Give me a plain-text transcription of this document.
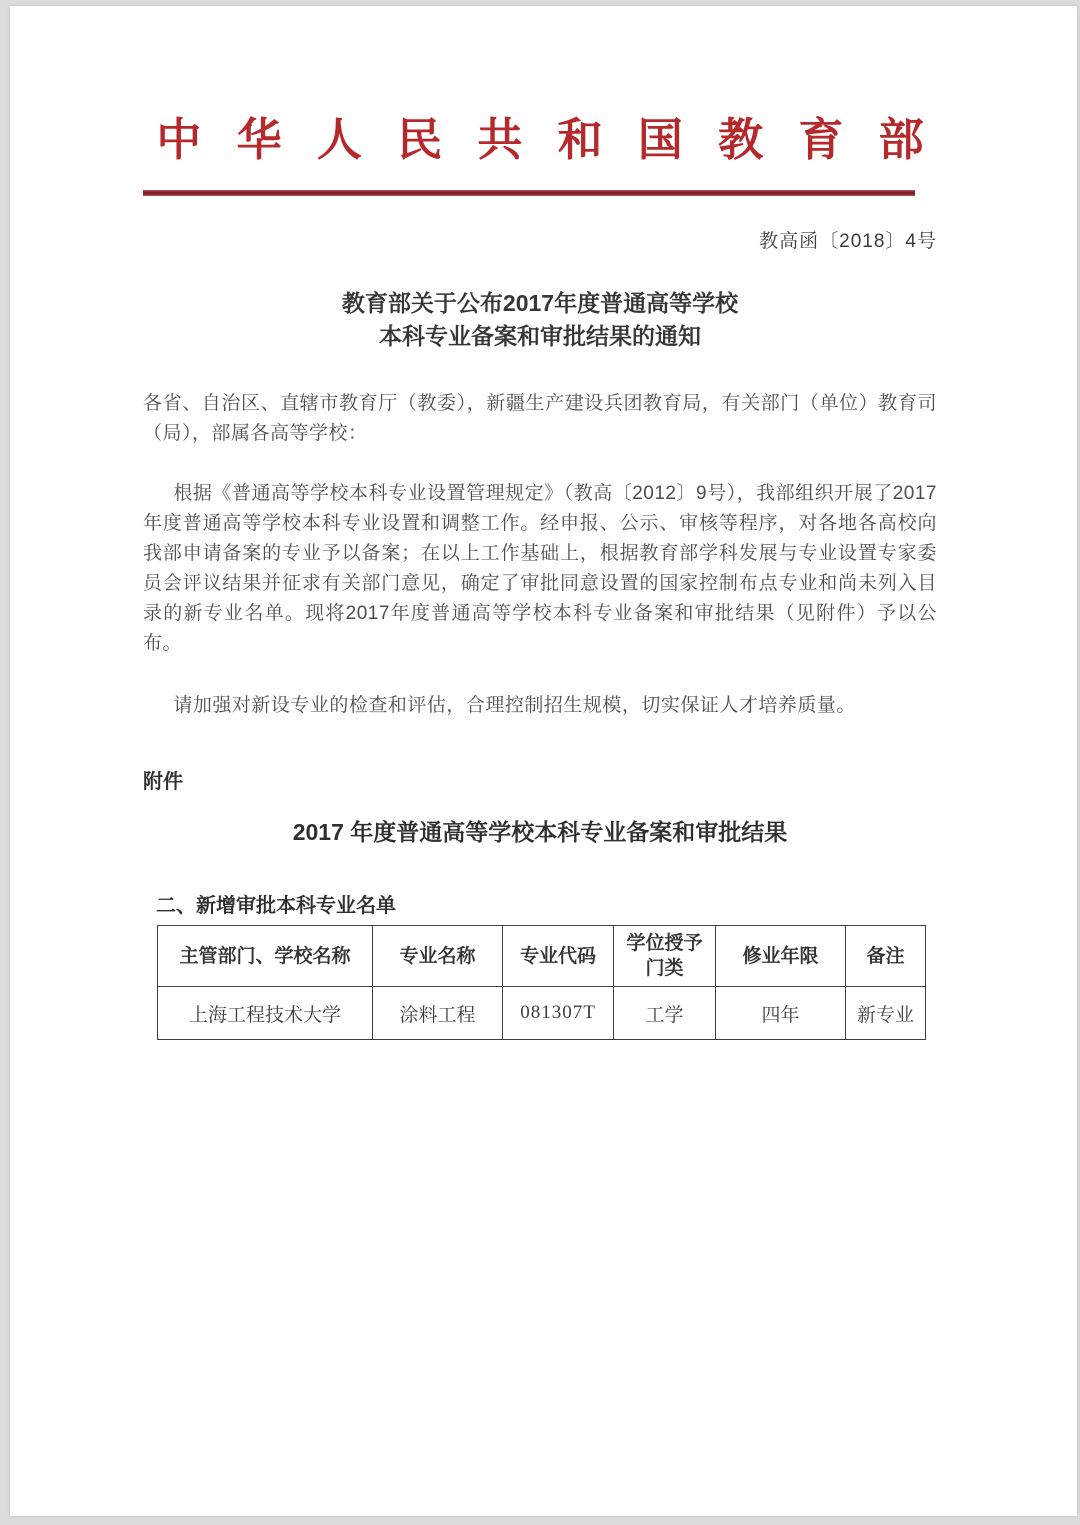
中 华 人 民 共 和 国 教 育 部
教高函〔2018〕4号
教育部关于公布2017年度普通高等学校
本科专业备案和审批结果的通知

各省、自治区、直辖市教育厅（教委），新疆生产建设兵团教育局，有关部门（单位）教育司（局），部属各高等学校：

根据《普通高等学校本科专业设置管理规定》（教高〔2012〕9号），我部组织开展了2017年度普通高等学校本科专业设置和调整工作。经申报、公示、审核等程序，对各地各高校向我部申请备案的专业予以备案；在以上工作基础上，根据教育部学科发展与专业设置专家委员会评议结果并征求有关部门意见，确定了审批同意设置的国家控制布点专业和尚未列入目录的新专业名单。现将2017年度普通高等学校本科专业备案和审批结果（见附件）予以公布。

请加强对新设专业的检查和评估，合理控制招生规模，切实保证人才培养质量。

附件
2017 年度普通高等学校本科专业备案和审批结果
二、新增审批本科专业名单
主管部门、学校名称	专业名称	专业代码	学位授予门类	修业年限	备注
上海工程技术大学	涂料工程	081307T	工学	四年	新专业
